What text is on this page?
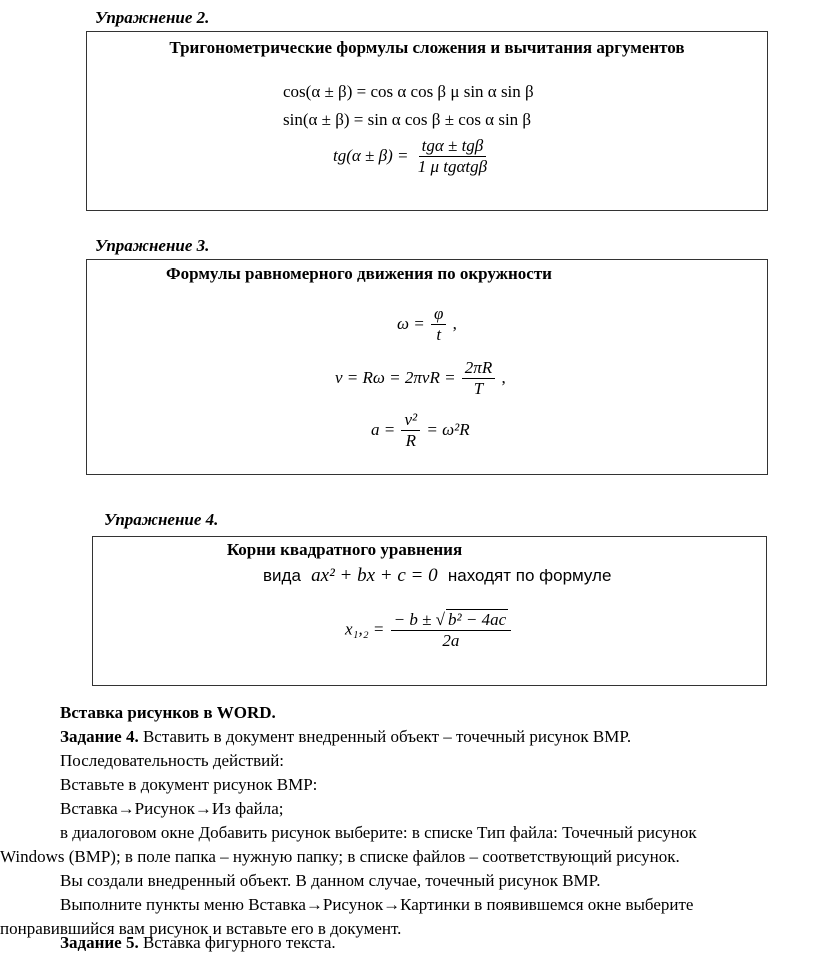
Упражнение 2.
Тригонометрические формулы сложения и вычитания аргументов
cos(α ± β) = cos α cos β μ sin α sin β
sin(α ± β) = sin α cos β ± cos α sin β
$tg(\alpha \pm \beta) = \frac{\text{tgα ± tgβ}}{\text{1 μ tgαtgβ}}$
Упражнение 3.
Формулы равномерного движения по окружности
$\omega = \frac{\varphi}{t}$ ,
$v = R\omega = 2\pi\nu R = \frac{2\pi R}{T}$ ,
$a = \frac{\text{v²}}{R} = \omega^2R$
Упражнение 4.
Корни квадратного уравнения
вида ax² + bx + c = 0 находят по формуле
$x_1,_2 = \frac{\text{− b ± √ b² − 4ac}}{2a}$
Вставка рисунков в WORD.
Задание 4. Вставить в документ внедренный объект – точечный рисунок BMP.
Последовательность действий:
Вставьте в документ рисунок BMP:
Вставка→Рисунок→Из файла;
в диалоговом окне Добавить рисунок выберите: в списке Тип файла: Точечный рисунок
Windows (BMP); в поле папка – нужную папку; в списке файлов – соответствующий рисунок.
Вы создали внедренный объект. В данном случае, точечный рисунок BMP.
Выполните пункты меню Вставка→Рисунок→Картинки в появившемся окне выберите
понравившийся вам рисунок и вставьте его в документ.
Задание 5. Вставка фигурного текста.
